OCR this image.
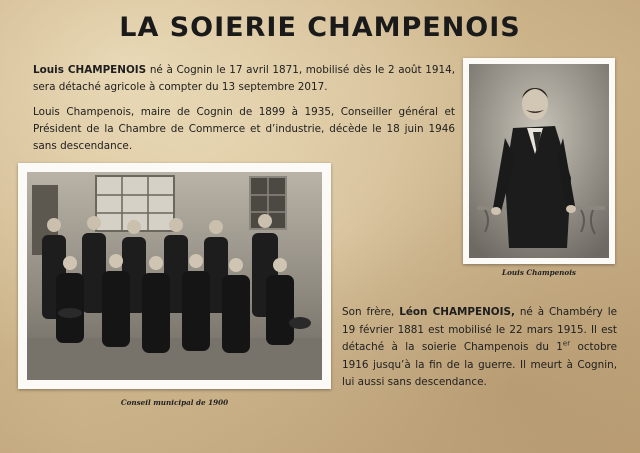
LA SOIERIE CHAMPENOIS
Louis CHAMPENOIS né à Cognin le 17 avril 1871, mobilisé dès le 2 août 1914, sera détaché agricole à compter du 13 septembre 2017.
Louis Champenois, maire de Cognin de 1899 à 1935, Conseiller général et Président de la Chambre de Commerce et d’industrie, décède le 18 juin 1946 sans descendance.
Louis Champenois
Conseil municipal de 1900
Son frère, Léon CHAMPENOIS, né à Chambéry le 19 février 1881 est mobilisé le 22 mars 1915. Il est détaché à la soierie Champenois du 1er octobre 1916 jusqu’à la fin de la guerre. Il meurt à Cognin, lui aussi sans descendance.
